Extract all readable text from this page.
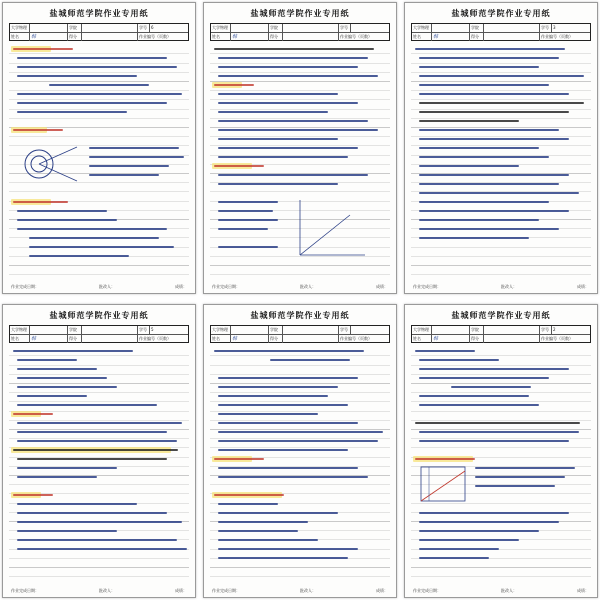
盐城师范学院作业专用纸
大学物理	学院	学号	6
姓名	韩	得分	作业编号（页数）
作业完成日期：	批改人：	成绩：
盐城师范学院作业专用纸
大学物理	学院	学号
姓名	韩	得分	作业编号（页数）
作业完成日期：	批改人：	成绩：
盐城师范学院作业专用纸
大学物理	学院	学号	3
姓名	韩	得分	作业编号（页数）
作业完成日期：	批改人：	成绩：
盐城师范学院作业专用纸
大学物理	学院	学号	5
姓名	韩	得分	作业编号（页数）
作业完成日期：	批改人：	成绩：
盐城师范学院作业专用纸
大学物理	学院	学号
姓名	韩	得分	作业编号（页数）
作业完成日期：	批改人：	成绩：
盐城师范学院作业专用纸
大学物理	学院	学号	2
姓名	韩	得分	作业编号（页数）
作业完成日期：	批改人：	成绩：
